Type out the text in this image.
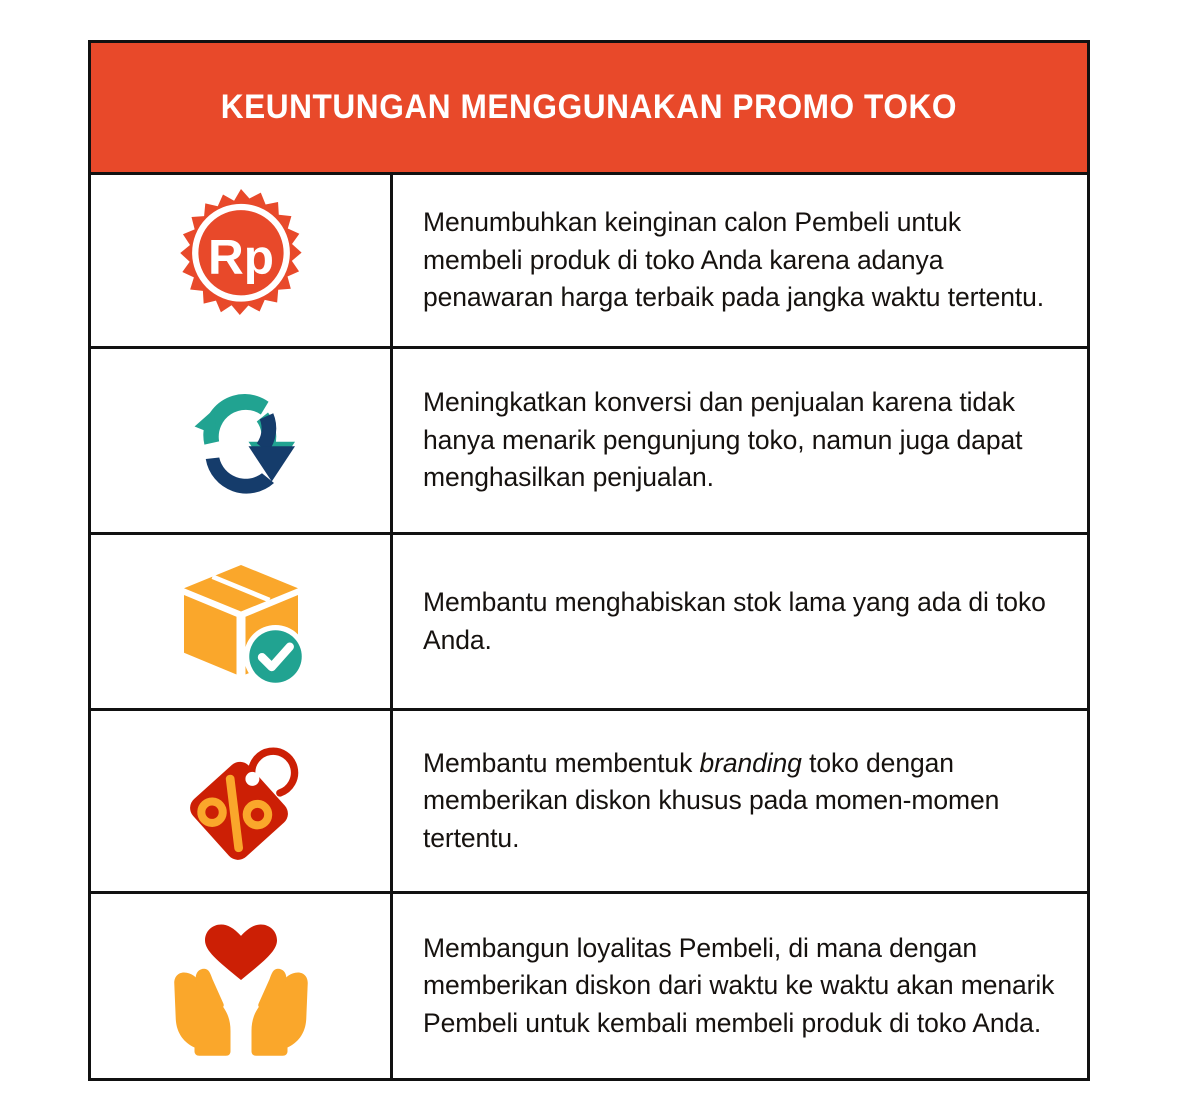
KEUNTUNGAN MENGGUNAKAN PROMO TOKO
Rp
Menumbuhkan keinginan calon Pembeli untuk membeli produk di toko Anda karena adanya penawaran harga terbaik pada jangka waktu tertentu.
Meningkatkan konversi dan penjualan karena tidak hanya menarik pengunjung toko, namun juga dapat menghasilkan penjualan.
Membantu menghabiskan stok lama yang ada di toko Anda.
Membantu membentuk branding toko dengan memberikan diskon khusus pada momen-momen tertentu.
Membangun loyalitas Pembeli, di mana dengan memberikan diskon dari waktu ke waktu akan menarik Pembeli untuk kembali membeli produk di toko Anda.
